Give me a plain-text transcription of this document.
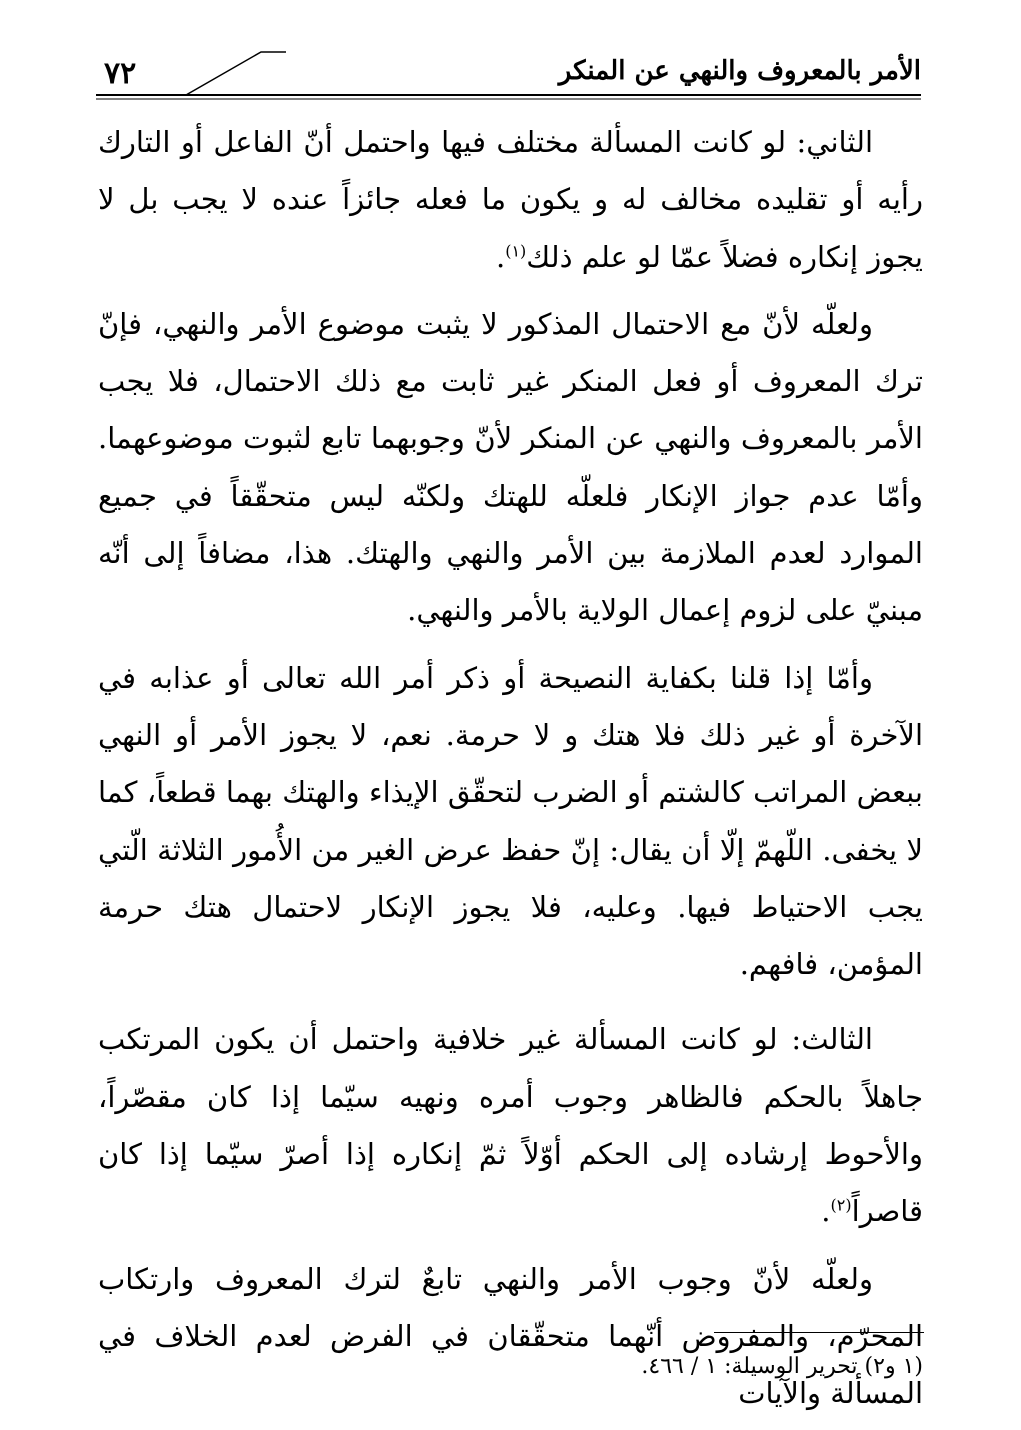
٧٢	الأمر بالمعروف والنهي عن المنكر

الثاني: لو كانت المسألة مختلف فيها واحتمل أنّ الفاعل أو التارك رأيه أو تقليده مخالف له و يكون ما فعله جائزاً عنده لا يجب بل لا يجوز إنكاره فضلاً عمّا لو علم ذلك$^{(١)}$.

ولعلّه لأنّ مع الاحتمال المذكور لا يثبت موضوع الأمر والنهي، فإنّ ترك المعروف أو فعل المنكر غير ثابت مع ذلك الاحتمال، فلا يجب الأمر بالمعروف والنهي عن المنكر لأنّ وجوبهما تابع لثبوت موضوعهما. وأمّا عدم جواز الإنكار فلعلّه للهتك ولكنّه ليس متحقّقاً في جميع الموارد لعدم الملازمة بين الأمر والنهي والهتك. هذا، مضافاً إلى أنّه مبنيّ على لزوم إعمال الولاية بالأمر والنهي.

وأمّا إذا قلنا بكفاية النصيحة أو ذكر أمر الله تعالى أو عذابه في الآخرة أو غير ذلك فلا هتك و لا حرمة. نعم، لا يجوز الأمر أو النهي ببعض المراتب كالشتم أو الضرب لتحقّق الإيذاء والهتك بهما قطعاً، كما لا يخفى. اللّهمّ إلّا أن يقال: إنّ حفظ عرض الغير من الأُمور الثلاثة الّتي يجب الاحتياط فيها. وعليه، فلا يجوز الإنكار لاحتمال هتك حرمة المؤمن، فافهم.

الثالث: لو كانت المسألة غير خلافية واحتمل أن يكون المرتكب جاهلاً بالحكم فالظاهر وجوب أمره ونهيه سيّما إذا كان مقصّراً، والأحوط إرشاده إلى الحكم أوّلاً ثمّ إنكاره إذا أصرّ سيّما إذا كان قاصراً$^{(٢)}$.

ولعلّه لأنّ وجوب الأمر والنهي تابعٌ لترك المعروف وارتكاب المحرّم، والمفروض أنّهما متحقّقان في الفرض لعدم الخلاف في المسألة والآيات

(١ و٢) تحرير الوسيلة: ١ / ٤٦٦.
